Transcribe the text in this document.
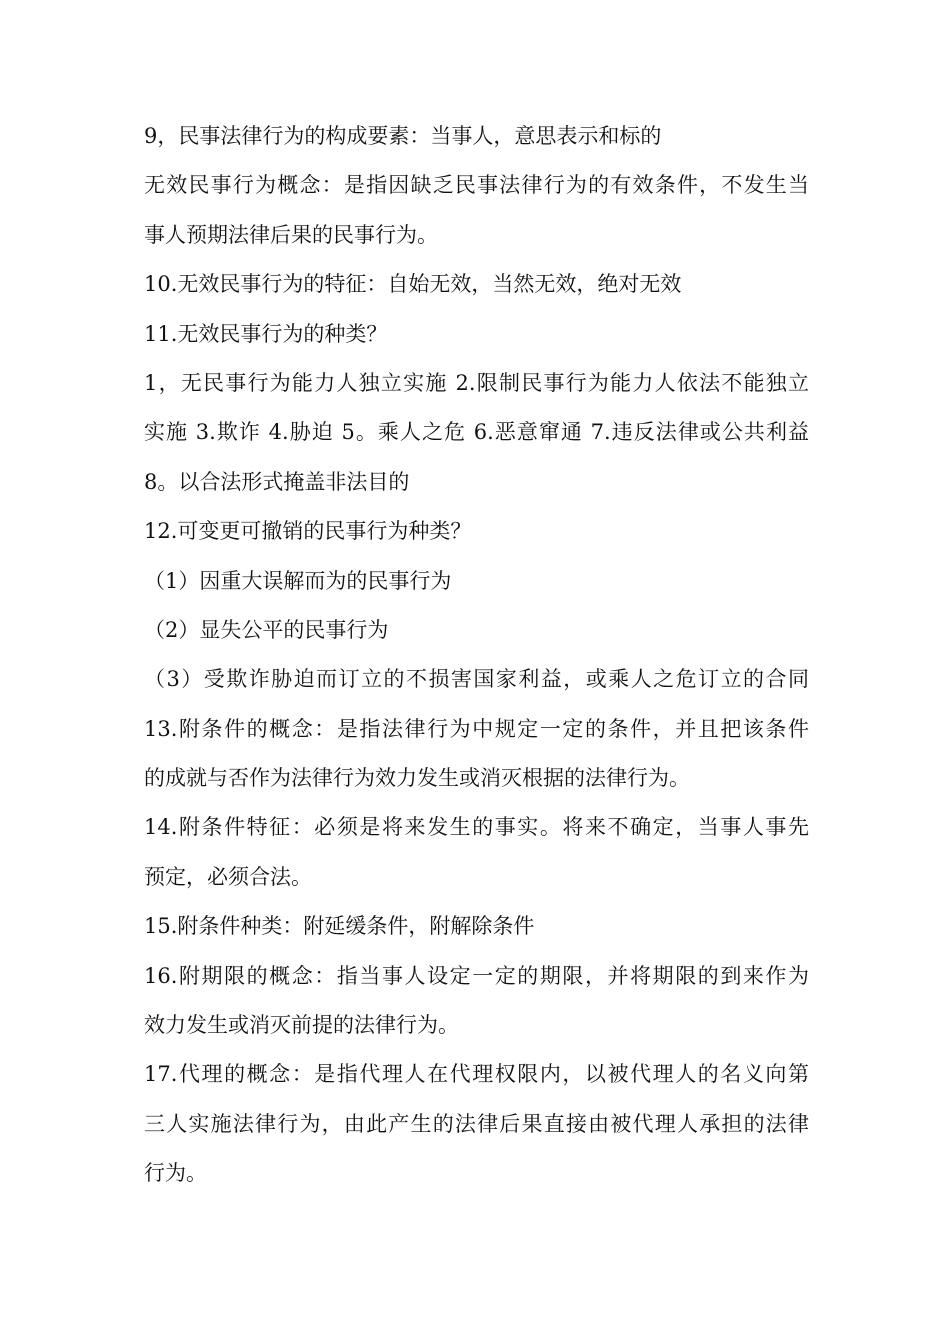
9，民事法律行为的构成要素：当事人，意思表示和标的
无效民事行为概念：是指因缺乏民事法律行为的有效条件，不发生当
事人预期法律后果的民事行为。
10.无效民事行为的特征：自始无效，当然无效，绝对无效
11.无效民事行为的种类？
1，无民事行为能力人独立实施 2.限制民事行为能力人依法不能独立
实施 3.欺诈 4.胁迫 5。乘人之危 6.恶意窜通 7.违反法律或公共利益
8。以合法形式掩盖非法目的
12.可变更可撤销的民事行为种类？
（1）因重大误解而为的民事行为
（2）显失公平的民事行为
（3）受欺诈胁迫而订立的不损害国家利益，或乘人之危订立的合同
13.附条件的概念：是指法律行为中规定一定的条件，并且把该条件
的成就与否作为法律行为效力发生或消灭根据的法律行为。
14.附条件特征：必须是将来发生的事实。将来不确定，当事人事先
预定，必须合法。
15.附条件种类：附延缓条件，附解除条件
16.附期限的概念：指当事人设定一定的期限，并将期限的到来作为
效力发生或消灭前提的法律行为。
17.代理的概念：是指代理人在代理权限内，以被代理人的名义向第
三人实施法律行为，由此产生的法律后果直接由被代理人承担的法律
行为。
